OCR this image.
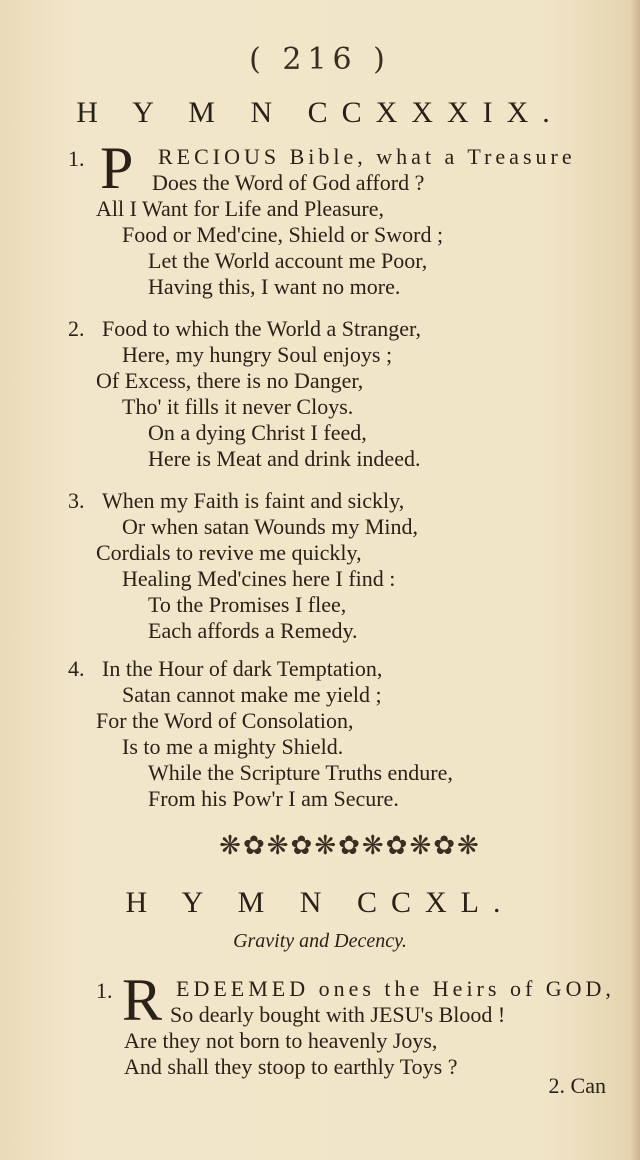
( 216 )
H Y M N CCXXXIX.
1. P RECIOUS Bible, what a Treasure
Does the Word of God afford ?
All I Want for Life and Pleasure,
Food or Med'cine, Shield or Sword ;
Let the World account me Poor,
Having this, I want no more.
2. Food to which the World a Stranger,
Here, my hungry Soul enjoys ;
Of Excess, there is no Danger,
Tho' it fills it never Cloys.
On a dying Christ I feed,
Here is Meat and drink indeed.
3. When my Faith is faint and sickly,
Or when satan Wounds my Mind,
Cordials to revive me quickly,
Healing Med'cines here I find :
To the Promises I flee,
Each affords a Remedy.
4. In the Hour of dark Temptation,
Satan cannot make me yield ;
For the Word of Consolation,
Is to me a mighty Shield.
While the Scripture Truths endure,
From his Pow'r I am Secure.
❋✿❋✿❋✿❋✿❋✿❋
H Y M N CCXL.
Gravity and Decency.
1. R EDEEMED ones the Heirs of GOD,
So dearly bought with JESU's Blood !
Are they not born to heavenly Joys,
And shall they stoop to earthly Toys ?
2. Can
